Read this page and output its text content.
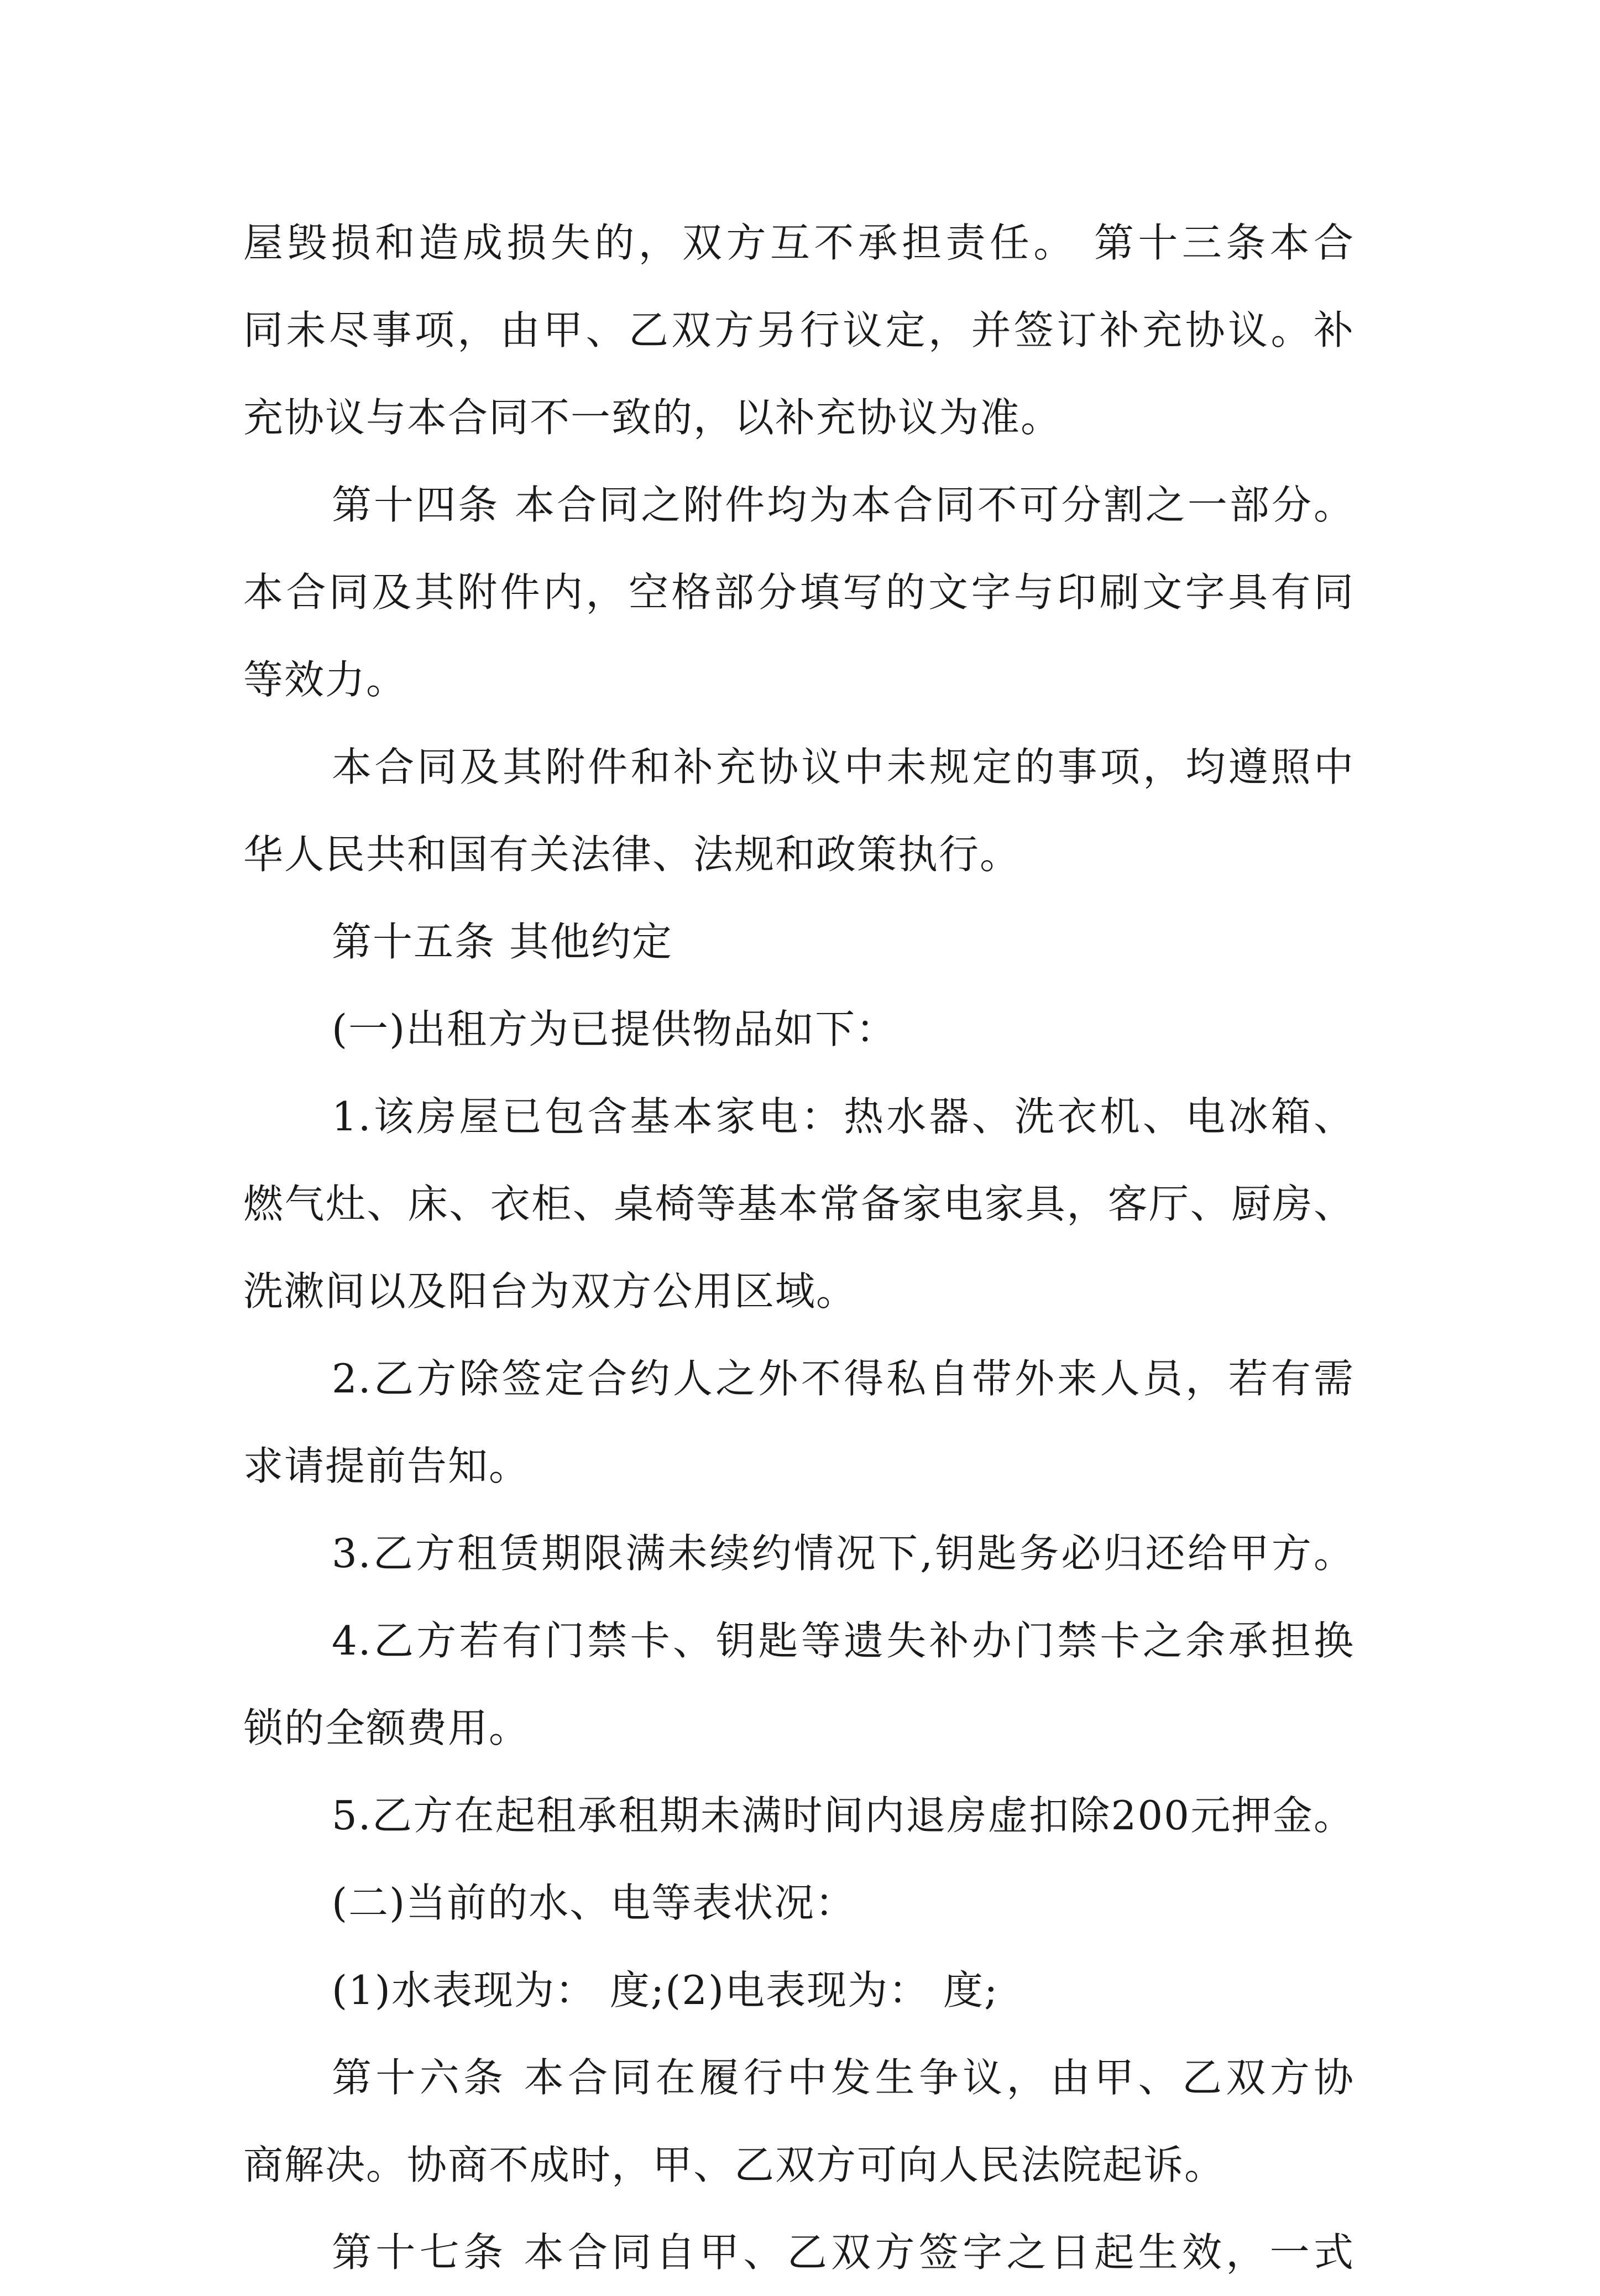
屋毁损和造成损失的，双方互不承担责任。 第十三条本合
同未尽事项，由甲、乙双方另行议定，并签订补充协议。补
充协议与本合同不一致的，以补充协议为准。
第十四条 本合同之附件均为本合同不可分割之一部分。
本合同及其附件内，空格部分填写的文字与印刷文字具有同
等效力。
本合同及其附件和补充协议中未规定的事项，均遵照中
华人民共和国有关法律、法规和政策执行。
第十五条 其他约定
(一)出租方为已提供物品如下：
1.该房屋已包含基本家电：热水器、洗衣机、电冰箱、
燃气灶、床、衣柜、桌椅等基本常备家电家具，客厅、厨房、
洗漱间以及阳台为双方公用区域。
2.乙方除签定合约人之外不得私自带外来人员，若有需
求请提前告知。
3.乙方租赁期限满未续约情况下,钥匙务必归还给甲方。
4.乙方若有门禁卡、钥匙等遗失补办门禁卡之余承担换
锁的全额费用。
5.乙方在起租承租期未满时间内退房虚扣除200元押金。
(二)当前的水、电等表状况：
(1)水表现为： 度;(2)电表现为： 度;
第十六条 本合同在履行中发生争议，由甲、乙双方协
商解决。协商不成时，甲、乙双方可向人民法院起诉。
第十七条 本合同自甲、乙双方签字之日起生效，一式
